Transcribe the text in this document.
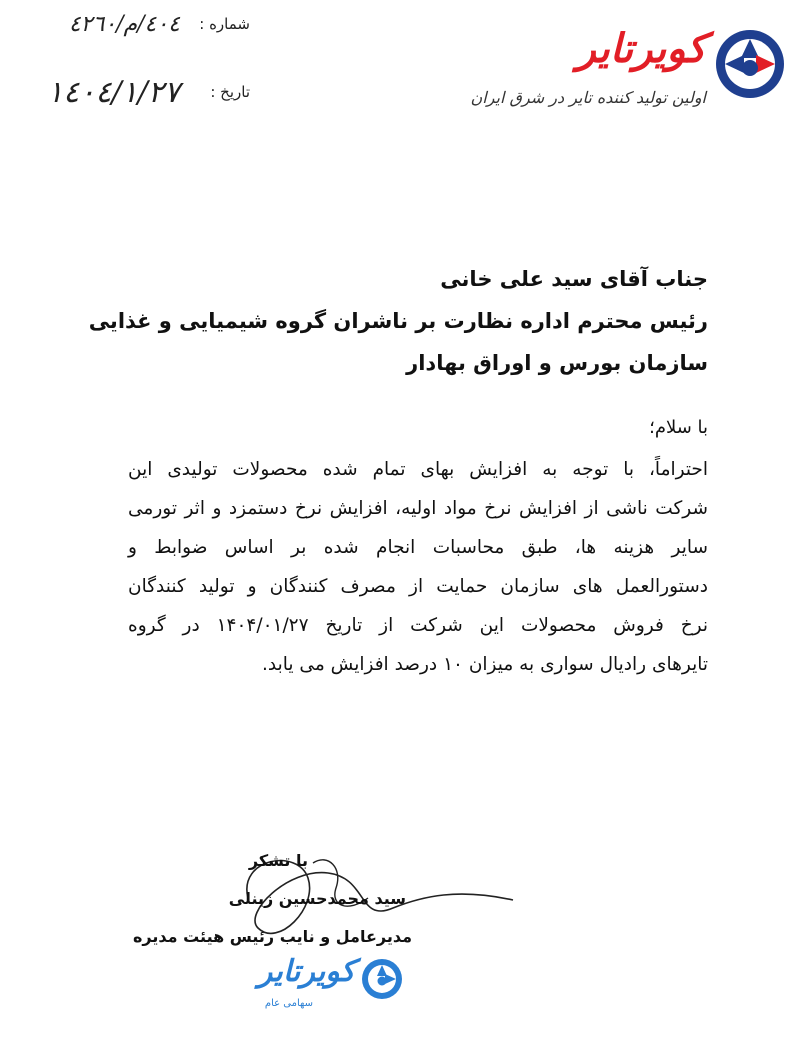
شماره :
٤٠٤/م/٤٢٦٠
تاریخ :
١٤٠٤/١/٢٧
کویرتایر
اولین تولید کننده تایر در شرق ایران
جناب آقای سید علی خانی
رئیس محترم اداره نظارت بر ناشران گروه شیمیایی و غذایی
سازمان بورس و اوراق بهادار
با سلام؛
احتراماً، با توجه به افزایش بهای تمام شده محصولات تولیدی این
شرکت ناشی از افزایش نرخ مواد اولیه، افزایش نرخ دستمزد و اثر تورمی
سایر هزینه ها، طبق محاسبات انجام شده بر اساس ضوابط و
دستورالعمل های سازمان حمایت از مصرف کنندگان و تولید کنندگان
نرخ فروش محصولات این شرکت از تاریخ ۱۴۰۴/۰۱/۲۷ در گروه
تایرهای رادیال سواری به میزان ۱۰ درصد افزایش می یابد.
با تشکر
سید محمدحسین زینلی
مدیرعامل و نایب رئیس هیئت مدیره
کویرتایر
سهامی عام
